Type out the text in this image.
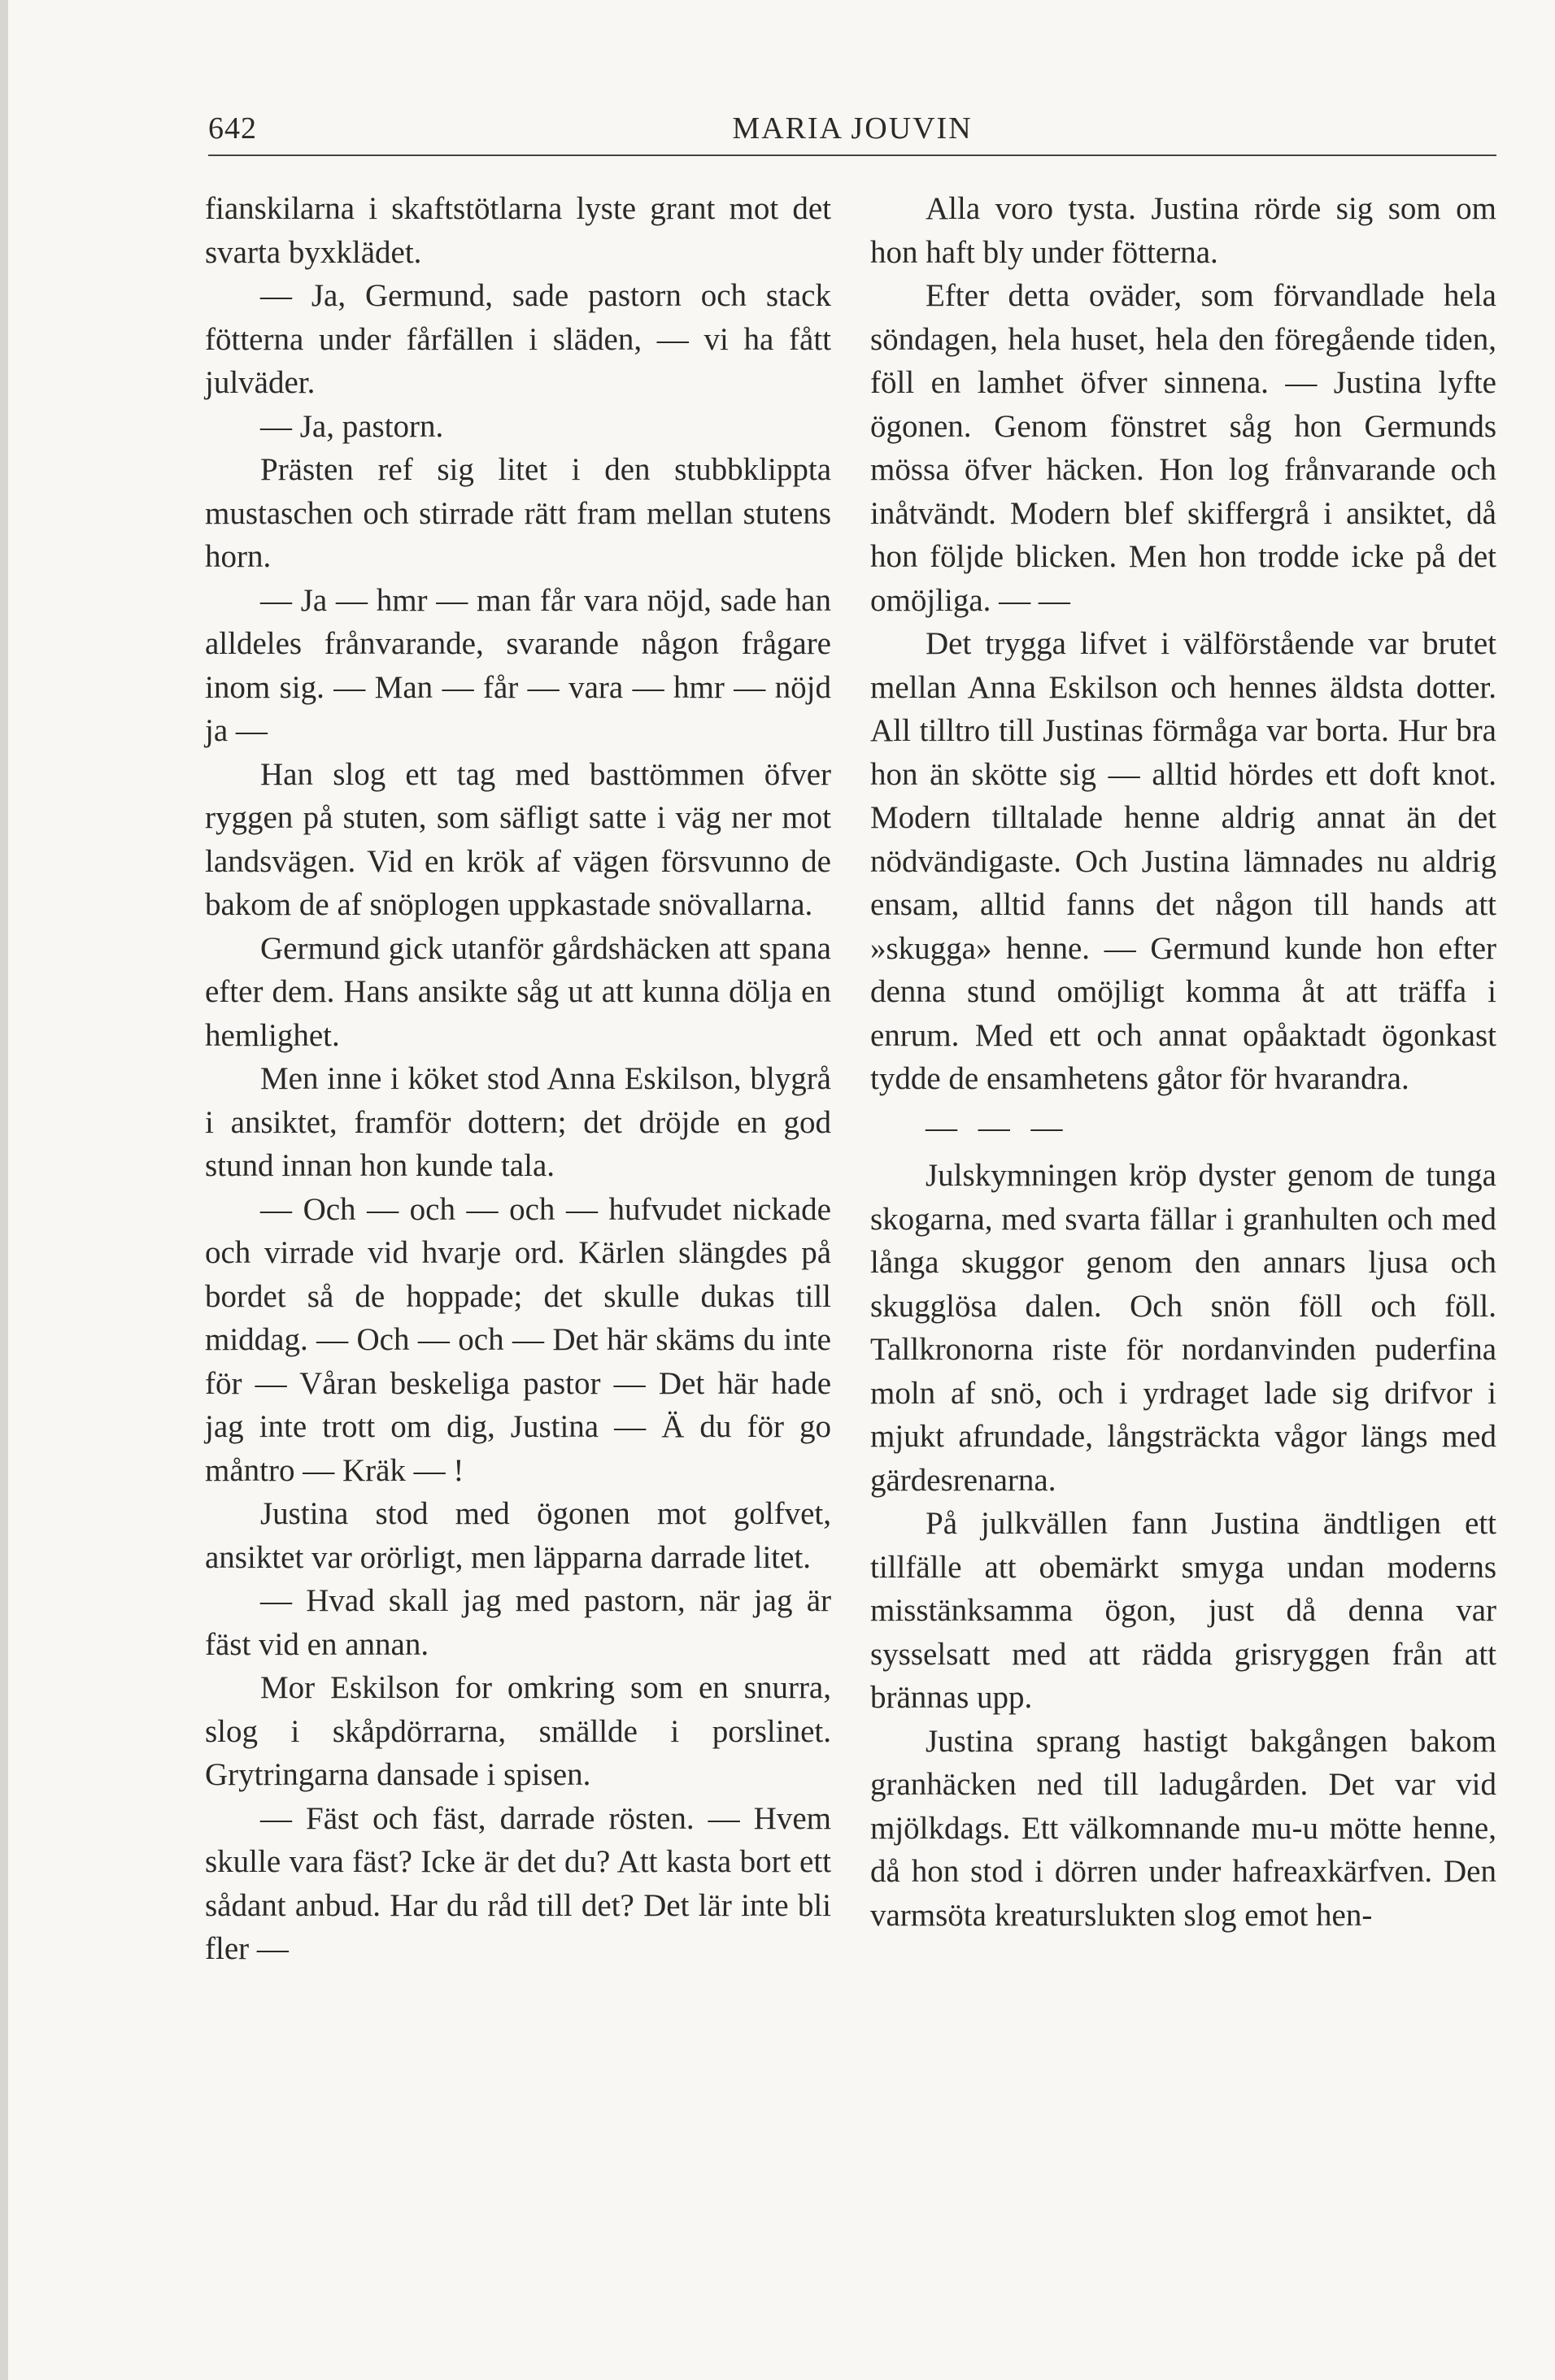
642	MARIA JOUVIN

fianskilarna i skaftstötlarna lyste grant mot det svarta byxklädet.

— Ja, Germund, sade pastorn och stack fötterna under fårfällen i släden, — vi ha fått julväder.

— Ja, pastorn.

Prästen ref sig litet i den stubbklippta mustaschen och stirrade rätt fram mellan stutens horn.

— Ja — hmr — man får vara nöjd, sade han alldeles frånvarande, svarande någon frågare inom sig. — Man — får — vara — hmr — nöjd ja —

Han slog ett tag med basttömmen öfver ryggen på stuten, som säfligt satte i väg ner mot landsvägen. Vid en krök af vägen försvunno de bakom de af snöplogen uppkastade snövallarna.

Germund gick utanför gårdshäcken att spana efter dem. Hans ansikte såg ut att kunna dölja en hemlighet.

Men inne i köket stod Anna Eskilson, blygrå i ansiktet, framför dottern; det dröjde en god stund innan hon kunde tala.

— Och — och — och — hufvudet nickade och virrade vid hvarje ord. Kärlen slängdes på bordet så de hoppade; det skulle dukas till middag. — Och — och — Det här skäms du inte för — Våran beskeliga pastor — Det här hade jag inte trott om dig, Justina — Ä du för go måntro — Kräk — !

Justina stod med ögonen mot golfvet, ansiktet var orörligt, men läpparna darrade litet.

— Hvad skall jag med pastorn, när jag är fäst vid en annan.

Mor Eskilson for omkring som en snurra, slog i skåpdörrarna, smällde i porslinet. Grytringarna dansade i spisen.

— Fäst och fäst, darrade rösten. — Hvem skulle vara fäst? Icke är det du? Att kasta bort ett sådant anbud. Har du råd till det? Det lär inte bli fler —

Alla voro tysta. Justina rörde sig som om hon haft bly under fötterna.

Efter detta oväder, som förvandlade hela söndagen, hela huset, hela den föregående tiden, föll en lamhet öfver sinnena. — Justina lyfte ögonen. Genom fönstret såg hon Germunds mössa öfver häcken. Hon log frånvarande och inåtvändt. Modern blef skiffergrå i ansiktet, då hon följde blicken. Men hon trodde icke på det omöjliga. — —

Det trygga lifvet i välförstående var brutet mellan Anna Eskilson och hennes äldsta dotter. All tilltro till Justinas förmåga var borta. Hur bra hon än skötte sig — alltid hördes ett doft knot. Modern tilltalade henne aldrig annat än det nödvändigaste. Och Justina lämnades nu aldrig ensam, alltid fanns det någon till hands att »skugga» henne. — Germund kunde hon efter denna stund omöjligt komma åt att träffa i enrum. Med ett och annat opåaktadt ögonkast tydde de ensamhetens gåtor för hvarandra.

— — —

Julskymningen kröp dyster genom de tunga skogarna, med svarta fällar i granhulten och med långa skuggor genom den annars ljusa och skugglösa dalen. Och snön föll och föll. Tallkronorna riste för nordanvinden puderfina moln af snö, och i yrdraget lade sig drifvor i mjukt afrundade, långsträckta vågor längs med gärdesrenarna.

På julkvällen fann Justina ändtligen ett tillfälle att obemärkt smyga undan moderns misstänksamma ögon, just då denna var sysselsatt med att rädda grisryggen från att brännas upp.

Justina sprang hastigt bakgången bakom granhäcken ned till ladugården. Det var vid mjölkdags. Ett välkomnande mu-u mötte henne, då hon stod i dörren under hafreaxkärfven. Den varmsöta kreaturslukten slog emot hen-
